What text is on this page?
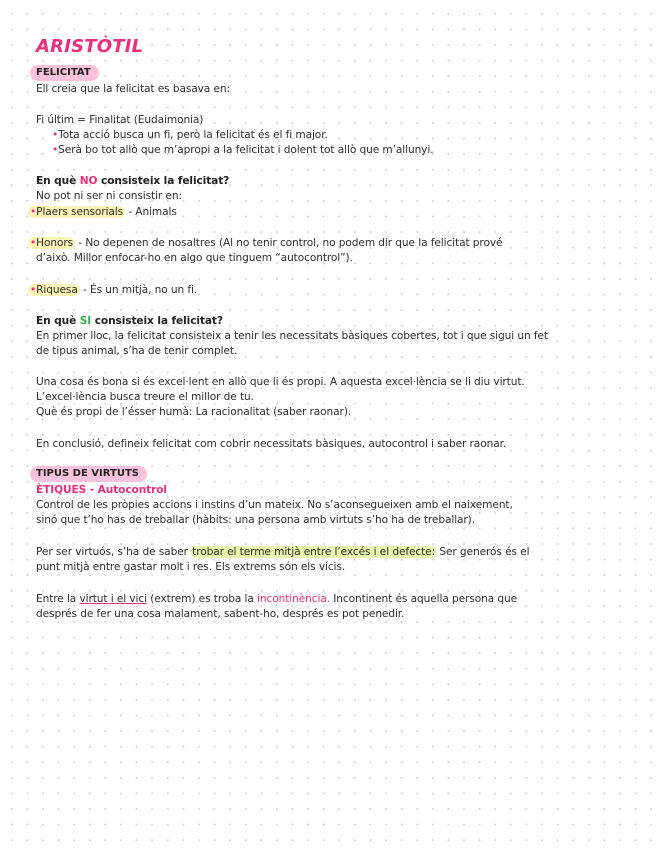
ARISTÒTIL
FELICITAT

Ell creia que la felicitat es basava en:

Fi últim = Finalitat (Eudaimonia)

•Tota acció busca un fi, però la felicitat és el fi major.

•Serà bo tot allò que m’apropi a la felicitat i dolent tot allò que m’allunyi.

En què NO consisteix la felicitat?

No pot ni ser ni consistir en:

•Plaers sensorials - Animals

•Honors - No depenen de nosaltres (Al no tenir control, no podem dir que la felicitat prové

d’això. Millor enfocar-ho en algo que tinguem “autocontrol”).

•Riquesa - És un mitjà, no un fi.

En què SI consisteix la felicitat?

En primer lloc, la felicitat consisteix a tenir les necessitats bàsiques cobertes, tot i que sigui un fet

de tipus animal, s’ha de tenir complet.

Una cosa és bona si és excel·lent en allò que li és propi. A aquesta excel·lència se li diu virtut.

L’excel·lència busca treure el millor de tu.

Què és propi de l’ésser humà: La racionalitat (saber raonar).

En conclusió, defineix felicitat com cobrir necessitats bàsiques, autocontrol i saber raonar.

TIPUS DE VIRTUTS

ÈTIQUES - Autocontrol

Control de les pròpies accions i instins d’un mateix. No s’aconsegueixen amb el naixement,

sinó que t’ho has de treballar (hàbits: una persona amb virtuts s’ho ha de treballar).

Per ser virtuós, s’ha de saber trobar el terme mitjà entre l’excés i el defecte: Ser generós és el

punt mitjà entre gastar molt i res. Els extrems són els vicis.

Entre la virtut i el vici (extrem) es troba la incontinència. Incontinent és aquella persona que

després de fer una cosa malament, sabent-ho, després es pot penedir.
